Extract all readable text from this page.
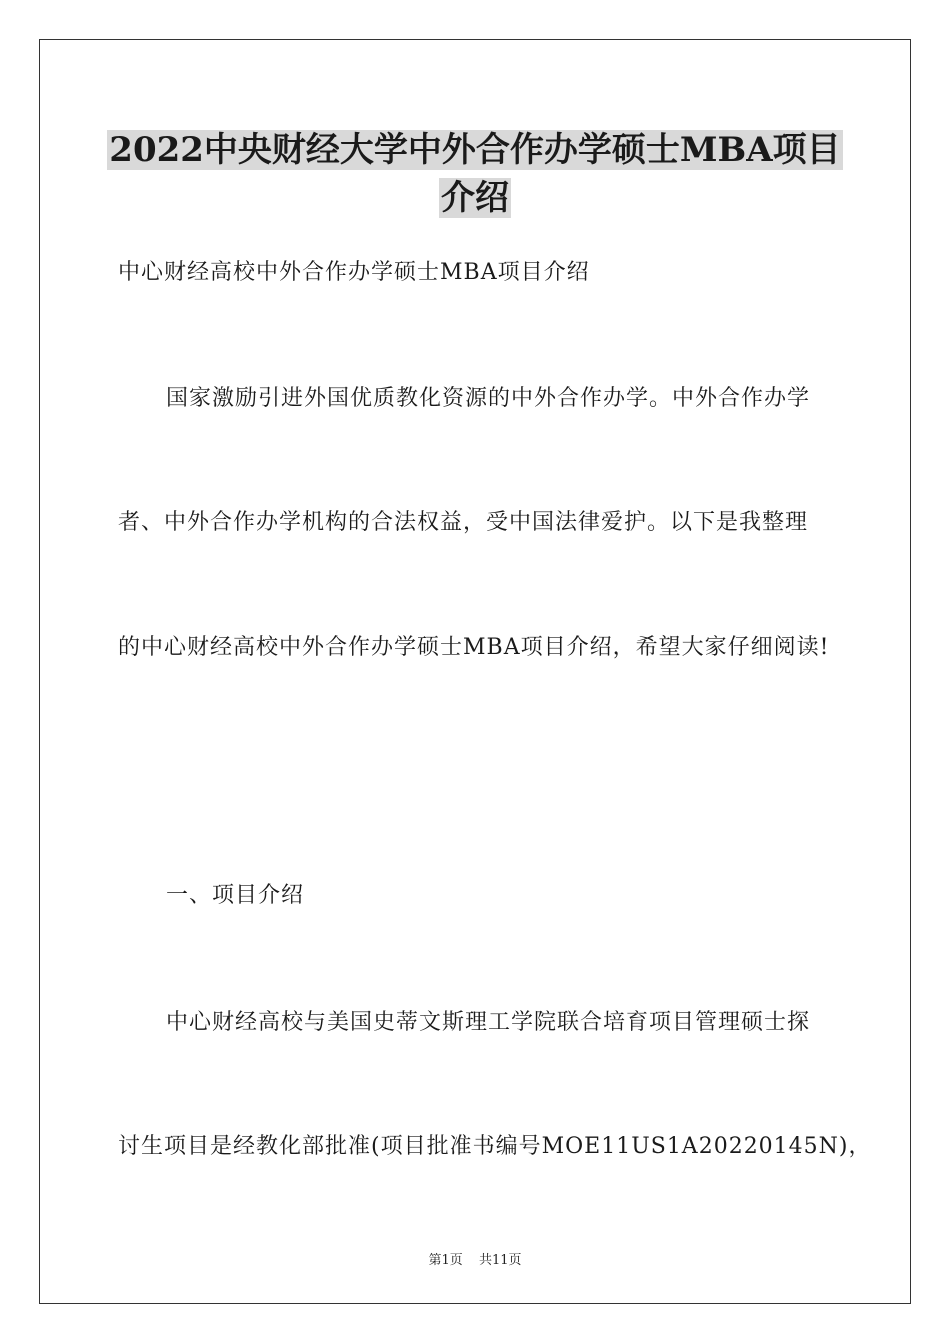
2022中央财经大学中外合作办学硕士MBA项目
介绍
中心财经高校中外合作办学硕士MBA项目介绍
国家激励引进外国优质教化资源的中外合作办学。中外合作办学
者、中外合作办学机构的合法权益，受中国法律爱护。以下是我整理
的中心财经高校中外合作办学硕士MBA项目介绍，希望大家仔细阅读!
一、项目介绍
中心财经高校与美国史蒂文斯理工学院联合培育项目管理硕士探
讨生项目是经教化部批准(项目批准书编号MOE11US1A20220145N)，
第1页 共11页
